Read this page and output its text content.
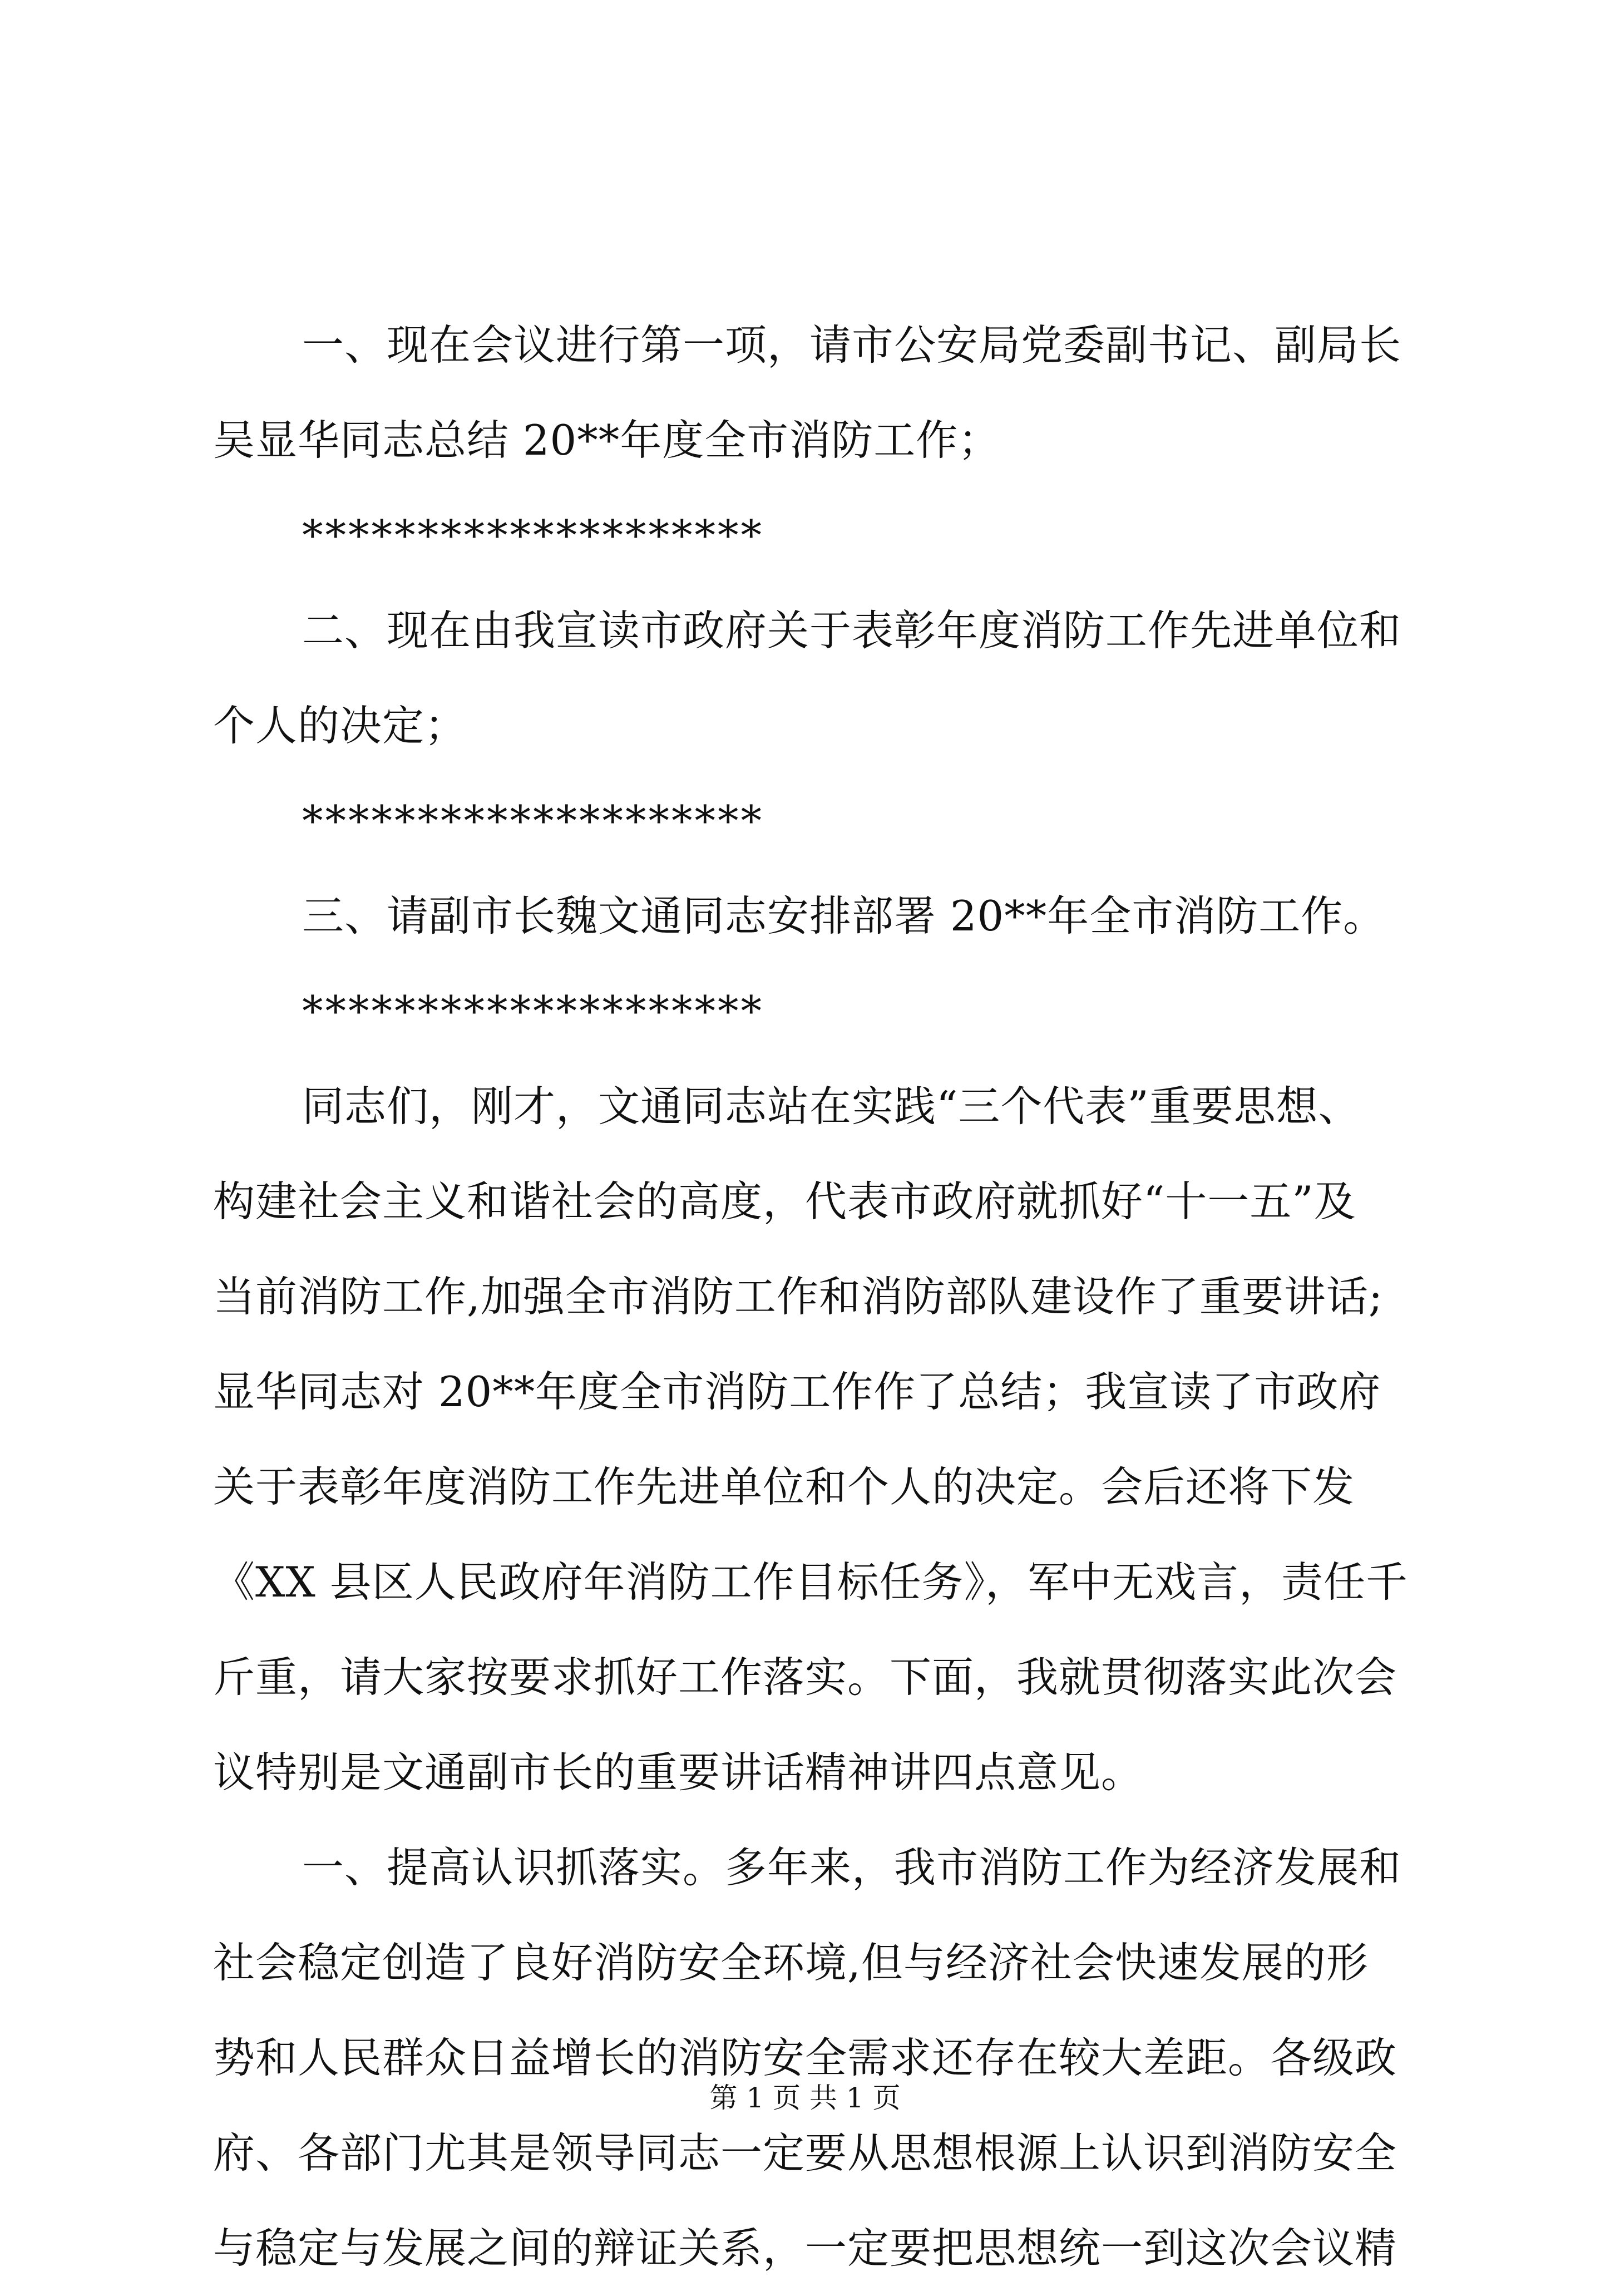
一、现在会议进行第一项，请市公安局党委副书记、副局长
吴显华同志总结 20**年度全市消防工作；
********************
二、现在由我宣读市政府关于表彰年度消防工作先进单位和
个人的决定；
********************
三、请副市长魏文通同志安排部署 20**年全市消防工作。
********************
同志们，刚才，文通同志站在实践“三个代表”重要思想、
构建社会主义和谐社会的高度，代表市政府就抓好“十一五”及
当前消防工作,加强全市消防工作和消防部队建设作了重要讲话;
显华同志对 20**年度全市消防工作作了总结；我宣读了市政府
关于表彰年度消防工作先进单位和个人的决定。会后还将下发
《XX 县区人民政府年消防工作目标任务》，军中无戏言，责任千
斤重，请大家按要求抓好工作落实。下面，我就贯彻落实此次会
议特别是文通副市长的重要讲话精神讲四点意见。
一、提高认识抓落实。多年来，我市消防工作为经济发展和
社会稳定创造了良好消防安全环境,但与经济社会快速发展的形
势和人民群众日益增长的消防安全需求还存在较大差距。各级政
府、各部门尤其是领导同志一定要从思想根源上认识到消防安全
与稳定与发展之间的辩证关系，一定要把思想统一到这次会议精
第 1 页 共 1 页
